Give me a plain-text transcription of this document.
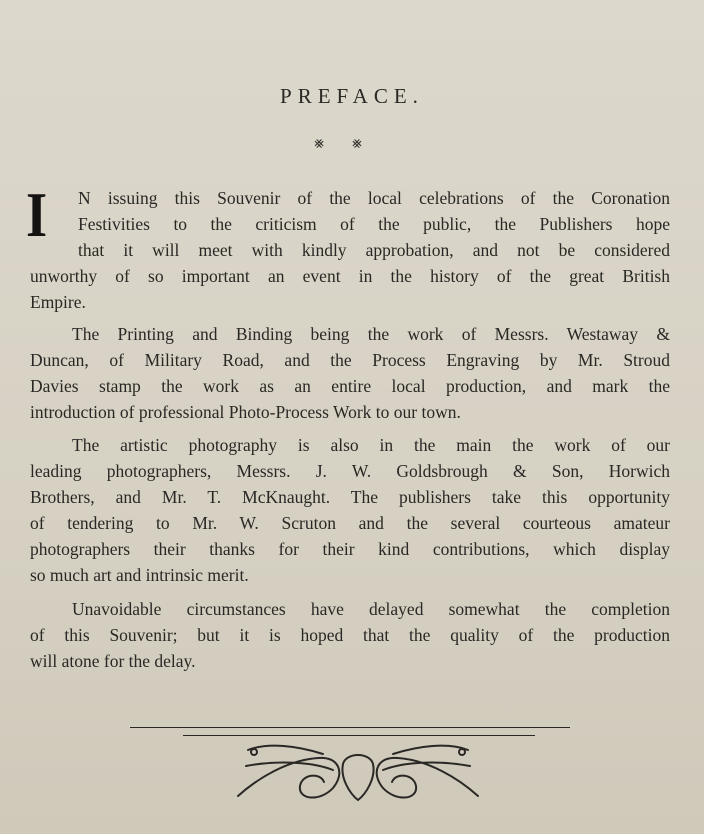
PREFACE.
⨳⨳
I	N issuing this Souvenir of the local celebrations of the Coronation
Festivities to the criticism of the public, the Publishers hope
that it will meet with kindly approbation, and not be considered
unworthy of so important an event in the history of the great British
Empire.
The Printing and Binding being the work of Messrs. Westaway &
Duncan, of Military Road, and the Process Engraving by Mr. Stroud
Davies stamp the work as an entire local production, and mark the
introduction of professional Photo-Process Work to our town.
The artistic photography is also in the main the work of our
leading photographers, Messrs. J. W. Goldsbrough & Son, Horwich
Brothers, and Mr. T. McKnaught. The publishers take this opportunity
of tendering to Mr. W. Scruton and the several courteous amateur
photographers their thanks for their kind contributions, which display
so much art and intrinsic merit.
Unavoidable circumstances have delayed somewhat the completion
of this Souvenir; but it is hoped that the quality of the production
will atone for the delay.
